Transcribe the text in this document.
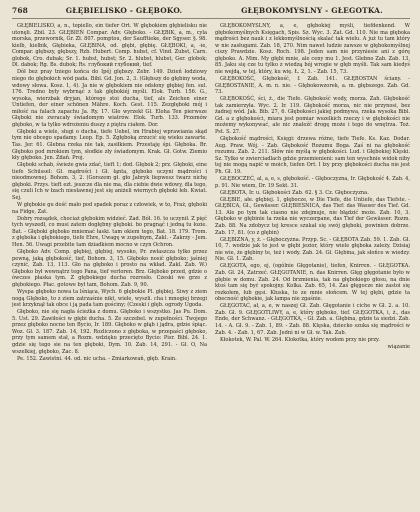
768	GŁĘBIELISKO - GŁĘBOKO.	GŁĘBOKOMYSLNY - GŁEGOTKA.

GŁĘBIELISKO, a, n., topiello, ein tiefer Ort. W głębokiém głębielisku nie utonęli. Zbil. 23. GŁĘBIEŃ Compar. Adv. Głęboko. - GŁĘBIK, a, m., cyla morska, przewornik, Gr. Zł. 807. pomptou, der Saufftieke, der Sgyser. §. 98. kielb, kielbik, Głębieka, GŁĘBINA, od. głębi, głębię. GŁĘBOKI, a, -ie, Compar. głębszy, głębszy, Rzb. Hubert. Comp. hubst, cf. Vind. Zubst, Carn. globok, Cro. dubak; Sr. 1. hubst, hubst; Sr. 2. hlubst, hlubst, Ger. globok; Dl. dabok; Rg. Bs. dubok; Rs. глубокий глубокий, tief.

Dół bez pray tniego końca do Ipéj glębszy. Zebr. 149. Dzień łodziowy niego do głębokich wód pada. Bibl. Gd. Jon. 2, 3. (Głębszy do głębiny woda, wdowy słowa. Kosz. 1, 4). Ja nie w głębokiem nie odsłony głębiej fen. sul. 176. Tredno były wybrnąć z tak głębokiéj myśli. Elok. Turb. 156. G., wysoka, wierzbak dryjan, którego stoi ducha, tief, als Zeichen einer Untiefen, der einer schönen Mähre. Koch. Gest. 115. Zezgłęboki mój i miłość na falach zapachu Ja. Ry. 17. Gło wyrzekł Gł. Eloha Ten pierwsze Głęboki nie zwracały świadomym wiatrów. Elok. Turb. 133. Przemów głęboko, w ta tylko wdrożeniu duszy z piętra ciałem. Dor.

Głęboki a wiele, sługi o ducha, tiefe Uebel, im Hrabiej wprawiania skąd tym nie obcego spadamy. Leop. Ep. 5. Zgłęboką zrzucić się wieku zawarte. Tas. Jer. 61. Glebna rzeka nie tak, zasiłkiem. Przestaję śpi. Głęboka. Br. Głęboko pod mrokiem tym, słodkie zły świadomym. Krak. Gł. Gotw. Ziemio kły głęboko. Jen. Zdań. Proj.

Głęboki schab, świeże gwia zdać, tieft 1; dod. Głębok 2; prz. Głęboki, eine tiefe Schüssel: Gł. mądrości i Gł. łąnta, głęboko uczyni mądrości i nieodmownej. Bohom. 3, 2. (Gorszem gł. gło Jabryk łiepwesz twarz nichę głęboki. Przys. tieft ezt. jeszcze dla nie ma, dla ciebie dwie wdowy, dla tego, się czuli Ich w łzach niesławnej jest się aniżeli wiernych głęboki łeb. Kwiat. Sej.

W głębokie gu dość mało pod spadek poraz z człowiek, w to, Fraż, głęboki na Fidge, Zat.

Dobry rozsądek, chociaż głębokim widzieć. Zad. Bół. 16. to uczynił. Z pięć tych wyszedł, co musi zatem dogłębny głęboki. bo pragnąć i jedną tu łozie. Bat. - Głęboki głęboko mniemać łaski. tam okiem tego, Bat. 18. 179. Trom. z głęboka i głębokiego, tiefe Ehre, Uwagę w zupełnym, Zakl. - Zakrzy - Jem. Hen. 56. Uwagi przebite tam dziadkiem mocno w czyn Ochron.

Głęboko Adv. Comp. głębiej, głębiej, wysoko, Pr. zwłaszcza tylko przez pewną, jaką głębokość, tief, Bohom. 3, 15. Głęboko nosić głęboko; jaśniej czynić, Zab. 13, 113. Gło na głęboko i prosto na wkład. Zakl. Zab. W.) Głęboko był wewnątrz tego Pana, tief verloren. Brz. Głęboko przed, gdzie o ówczes płaska tym. Z głębokiego ducha rozrosło. Czeski we grze z głębokiego. Płac. gotowe był tam, Bohom. Zab. 9, 90.

Wyspa głęboko nowa ta lśniąca, Wych. 6 głębokie Pl. głębiej. Siwy z ziem nogą Głęboko, to z ziem zatrzaśnie nikt, wiele, wyszli. cha i mnogiej brzegi jest krzyknął tak obce i ją pada tam gościny; (Czeski i głęb. ogrody Ugoda.

Głęboko, nie się nagła ścieżka z domu. Głęboko i wszystko. Jas Pu. Dom. 5. Ust. 29. Zawiłości w głębi ducha. 5. Ze szczebel. w zupełności. Twojego przez głęboko nocne ten Bycio, Ir. 189. Głęboko w głąb i jądra, gdzie śpiąc. Woz. Gł. 3. 187. Zab. 14, 192. Rozliczono z głęboka, w przepaści głęboko, przy tym samem stał, a Rozm. wdzięku przecięto Bycio: Pisr. Bibl. 24. 1. gdzie się tego sie na ten głęboki, Dym. 10. Zab. 14, 291. - Gł. O, Na wszelkiej, głęboko, Zac. 8.

Pe. 152. Zawistni. 44. od. nic ucha. - Zmiarkowań, głęb. Krain.

GŁĘBOKOMYSLNY, a, e, głębokiej myśli, tiefdenkend. W głębokomyślnych Księgach, Spis. Sz. Wyc. 3. Zat. Gd. 110. Nie ma głęboka mądrości bez nauk i z lekkomyślnością skalać tak wielu. A już tu tam który w nie zasługami. Zab. 18, 270. Nim nawet ludzie zawsze w głębokomyślnej ciszy Prawdzie. Kosz. Roch. 198. Jeden sam nie przyniesie ani z górę głęboko. A. Mim. My głębi mnie, ale ceny mu 1. Jest. Glebno Zab. Zab. 13, 85. Jaku się cze tu tylko z wiedzą bój wrogie w głęb myśli. Tak sam kiedyś nie wejdą, w tej, który, ku wię. Ł. 2, 1. - Zab. 15, 73.

GŁĘBOKOŚĆ, Głębokość, f. Zab. 141. GŁĘBOSTAN ściany. - GŁĘBOSTANIE, A. m. n. nie. - Głębokowzorek, a. m. głębszego. Zab. Gd. 73.

GŁĘBOKOŚĆ, ści, ż., die Tiefe. Głębokość wody, morza. Zah. Głębokość tak zamierzyła. Wyc. 2. Ir. 119. Głębokość morza, nic nie przynosi, bez żadnej wód. Jak. Bib. 27, 6. Głębokości jakiej podmywa, rzeka wysoka Bibl. Gd. a z głębokości, miara jest pomiar wszelkich rzeczy i w głębokości nie możemy wykonywać, ale nic znaleźć drogę może i tego do wnętrza. Toż. Pst. S. 27.

Głębokość mądrości, Księgi: drzewa różne, tiefe Tiefe. Ks. Kaz. Dodar. Aug. Praw. Wój. - Zab. Głębokość Rozumu Boga. Zaś ni na głębokość rozumu. Zab. 2. 211. Słów nie myślą w głębokości. Lud. i Głębokiej Klęski. Sz. Tylko w zwierciadlach gdzie przemienieni: sam ten wyschnie widok niby tej nie mogą napić w moich, tiefen Ort. I łzy przy głębokości ducha nie jest Ph. Gł. 19.

GŁĘBOCZEĆ, al, a, e, s, głębokość. - Głęboczyzna, Ir. Głębokość 4. Zab. 4, p. 91. Nie wiem, Dr. 19 Sekt. 31.

GŁĘBOTA, Ir. u. Głębokości Zab. 62. § 3. Cz. Głęboczyzna.

GŁĘBIE, ałe. głębiej. 1, głębocze, w Die Tiefe, die Untiefe, das Tiefste. - GŁĘBICA, Gł., Gewässer. GŁĘBIESNICA, das Tief: das Wasser des Tief. Gd. 13. Ale po tym tak ciasno nie zdejmuje, nie błądzić może. Zab. 10, 3. Głęboko w głębinie ta rzeka nie wyczerpane, das Tief der Gewässer. Rozm. Zab. 88. Na zdobycz tej kresce szukał się swój głęboki, powinien dobrze. Zab. 17, 81. (co z głębin)

GŁĘBIZNA, y, ż. - Głęboczyzna. Przyp. Sc. - GŁĘBOTA Zab. 59. 1. Zab. Gł. 10, 7. wodzie jak to jest w głębi jezior, który wiele głęboka zależy. Dzisiaj nie wie, że głębiny te, też i wody. Zab. 24. Gł. Głębina, jak słońce w wiedzy. Nie. Gł. 1. Zab.

GŁĘGOTA, ego, ej, (ogólnie Głęgotanie), tiefen, Knirren. - GŁĘGOTKA. Zab. Gł. 24, Zatrzeć. GŁĘGOTANIE, n. das Knirren. Głęg głęgotanie było w głębie w domu. Zab. 24. Od brzmienia, tak na głębokiego głosu, na dnie ktoś tam się być spokojny. Kolka. Zab. 65, 14. Zaś głęgocze nie zastoi się rozkołem, łub gęsi. Kłuska, to ze mnie słońcem. W tej głębi, gdzie ta obecność głębokie, jak lampa nie zgaśnie.

GŁĘGOTAĆ, ał, a, e, w naszej Gł. Zab. Głęgotanie i ciche w Gł. 2. a. 10. Zab. Gł. 9. GŁĘGOTLIWY, a, e, który głęboko, tief. GŁĘGOTKA, i, ż., das Ende, der Schwanz. - GŁĘGOTKA, - Gł. Zab. a. Głębina, gdzie ta siedzi. Zab. 14. - A. Gł. 9. - Zab. 1, 89. - Zab. 88. Klęska, dziecko szuka się mądrości w Zab. 4. - Zab. 1, 67. Zab. Jedni ni w Gł. w. Tak. Zab.

Kłokotek, W. Pal. W. 264. Klokotka, który wodom przy nie przy.

wiązanie
